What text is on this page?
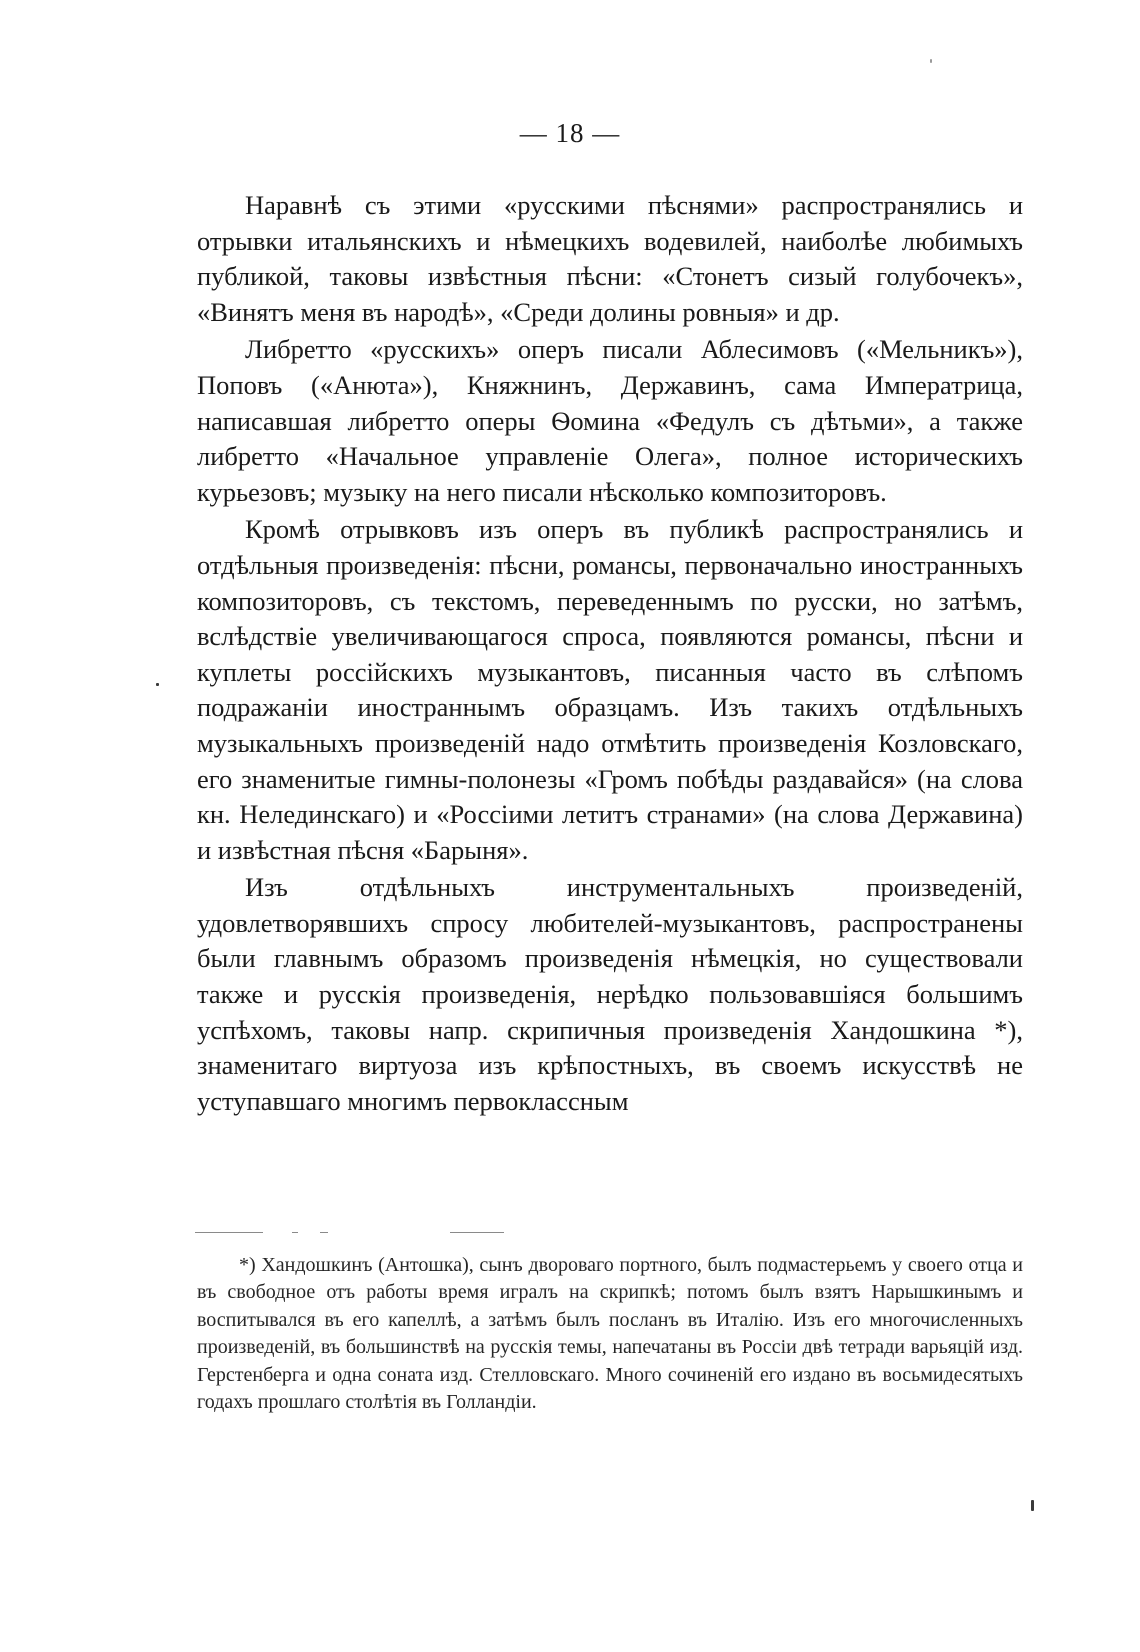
— 18 —

Наравнѣ съ этими «русскими пѣснями» распространялись и отрывки итальянскихъ и нѣмецкихъ водевилей, наиболѣе любимыхъ публикой, таковы извѣстныя пѣсни: «Стонетъ сизый голубочекъ», «Винятъ меня въ народѣ», «Среди долины ровныя» и др.

Либретто «русскихъ» оперъ писали Аблесимовъ («Мельникъ»), Поповъ («Анюта»), Княжнинъ, Державинъ, сама Императрица, написавшая либретто оперы Ѳомина «Федулъ съ дѣтьми», а также либретто «Начальное управленіе Олега», полное историческихъ курьезовъ; музыку на него писали нѣсколько композиторовъ.

Кромѣ отрывковъ изъ оперъ въ публикѣ распространялись и отдѣльныя произведенія: пѣсни, романсы, первоначально иностранныхъ композиторовъ, съ текстомъ, переведеннымъ по русски, но затѣмъ, вслѣдствіе увеличивающагося спроса, появляются романсы, пѣсни и куплеты россійскихъ музыкантовъ, писанныя часто въ слѣпомъ подражаніи иностраннымъ образцамъ. Изъ такихъ отдѣльныхъ музыкальныхъ произведеній надо отмѣтить произведенія Козловскаго, его знаменитые гимны-полонезы «Громъ побѣды раздавайся» (на слова кн. Нелединскаго) и «Россіими летитъ странами» (на слова Державина) и извѣстная пѣсня «Барыня».

Изъ отдѣльныхъ инструментальныхъ произведеній, удовлетворявшихъ спросу любителей-музыкантовъ, распространены были главнымъ образомъ произведенія нѣмецкія, но существовали также и русскія произведенія, нерѣдко пользовавшіяся большимъ успѣхомъ, таковы напр. скрипичныя произведенія Хандошкина *), знаменитаго виртуоза изъ крѣпостныхъ, въ своемъ искусствѣ не уступавшаго многимъ первоклассным

*) Хандошкинъ (Антошка), сынъ двороваго портного, былъ подмастерьемъ у своего отца и въ свободное отъ работы время игралъ на скрипкѣ; потомъ былъ взятъ Нарышкинымъ и воспитывался въ его капеллѣ, а затѣмъ былъ посланъ въ Италію. Изъ его многочисленныхъ произведеній, въ большинствѣ на русскія темы, напечатаны въ Россіи двѣ тетради варьяцій изд. Герстенберга и одна соната изд. Стелловскаго. Много сочиненій его издано въ восьмидесятыхъ годахъ прошлаго столѣтія въ Голландіи.
